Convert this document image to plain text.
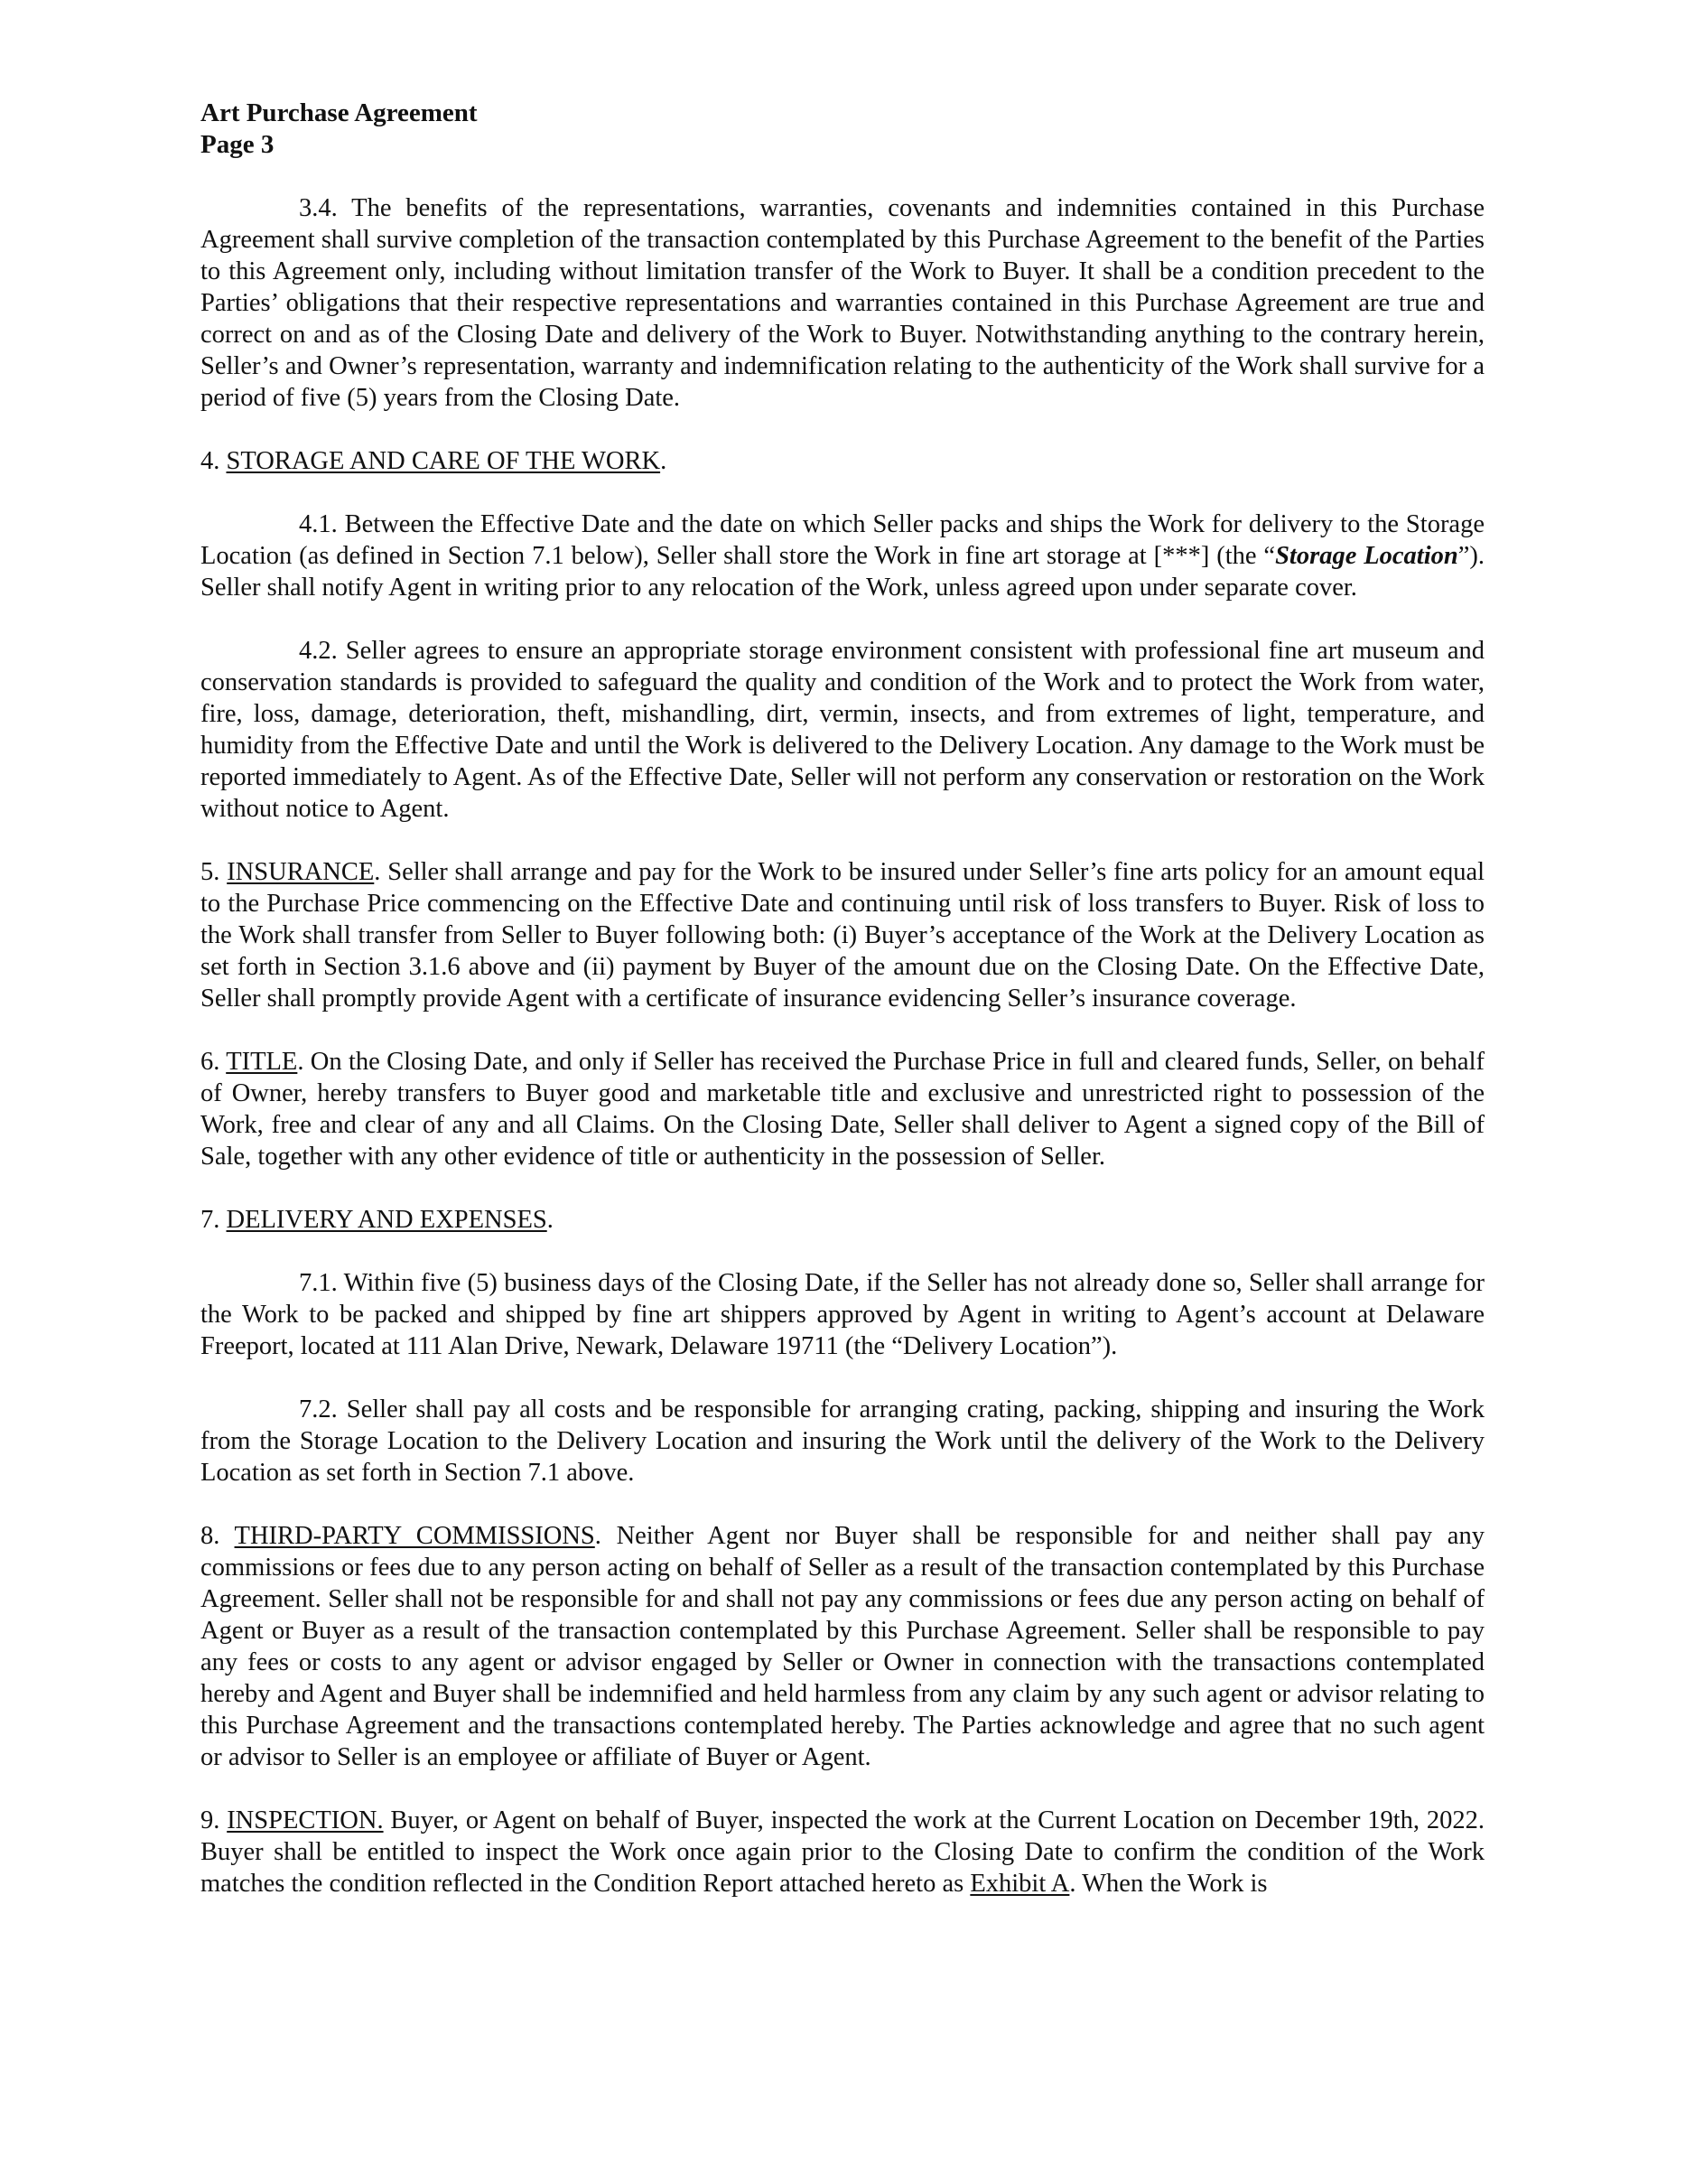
Art Purchase Agreement
Page 3

3.4. The benefits of the representations, warranties, covenants and indemnities contained in this Purchase Agreement shall survive completion of the transaction contemplated by this Purchase Agreement to the benefit of the Parties to this Agreement only, including without limitation transfer of the Work to Buyer. It shall be a condition precedent to the Parties’ obligations that their respective representations and warranties contained in this Purchase Agreement are true and correct on and as of the Closing Date and delivery of the Work to Buyer. Notwithstanding anything to the contrary herein, Seller’s and Owner’s representation, warranty and indemnification relating to the authenticity of the Work shall survive for a period of five (5) years from the Closing Date.

4. STORAGE AND CARE OF THE WORK.

4.1. Between the Effective Date and the date on which Seller packs and ships the Work for delivery to the Storage Location (as defined in Section 7.1 below), Seller shall store the Work in fine art storage at [***] (the “Storage Location”). Seller shall notify Agent in writing prior to any relocation of the Work, unless agreed upon under separate cover.

4.2. Seller agrees to ensure an appropriate storage environment consistent with professional fine art museum and conservation standards is provided to safeguard the quality and condition of the Work and to protect the Work from water, fire, loss, damage, deterioration, theft, mishandling, dirt, vermin, insects, and from extremes of light, temperature, and humidity from the Effective Date and until the Work is delivered to the Delivery Location. Any damage to the Work must be reported immediately to Agent. As of the Effective Date, Seller will not perform any conservation or restoration on the Work without notice to Agent.

5. INSURANCE. Seller shall arrange and pay for the Work to be insured under Seller’s fine arts policy for an amount equal to the Purchase Price commencing on the Effective Date and continuing until risk of loss transfers to Buyer. Risk of loss to the Work shall transfer from Seller to Buyer following both: (i) Buyer’s acceptance of the Work at the Delivery Location as set forth in Section 3.1.6 above and (ii) payment by Buyer of the amount due on the Closing Date. On the Effective Date, Seller shall promptly provide Agent with a certificate of insurance evidencing Seller’s insurance coverage.

6. TITLE. On the Closing Date, and only if Seller has received the Purchase Price in full and cleared funds, Seller, on behalf of Owner, hereby transfers to Buyer good and marketable title and exclusive and unrestricted right to possession of the Work, free and clear of any and all Claims. On the Closing Date, Seller shall deliver to Agent a signed copy of the Bill of Sale, together with any other evidence of title or authenticity in the possession of Seller.

7. DELIVERY AND EXPENSES.

7.1. Within five (5) business days of the Closing Date, if the Seller has not already done so, Seller shall arrange for the Work to be packed and shipped by fine art shippers approved by Agent in writing to Agent’s account at Delaware Freeport, located at 111 Alan Drive, Newark, Delaware 19711 (the “Delivery Location”).

7.2. Seller shall pay all costs and be responsible for arranging crating, packing, shipping and insuring the Work from the Storage Location to the Delivery Location and insuring the Work until the delivery of the Work to the Delivery Location as set forth in Section 7.1 above.

8. THIRD-PARTY COMMISSIONS. Neither Agent nor Buyer shall be responsible for and neither shall pay any commissions or fees due to any person acting on behalf of Seller as a result of the transaction contemplated by this Purchase Agreement. Seller shall not be responsible for and shall not pay any commissions or fees due any person acting on behalf of Agent or Buyer as a result of the transaction contemplated by this Purchase Agreement. Seller shall be responsible to pay any fees or costs to any agent or advisor engaged by Seller or Owner in connection with the transactions contemplated hereby and Agent and Buyer shall be indemnified and held harmless from any claim by any such agent or advisor relating to this Purchase Agreement and the transactions contemplated hereby. The Parties acknowledge and agree that no such agent or advisor to Seller is an employee or affiliate of Buyer or Agent.

9. INSPECTION. Buyer, or Agent on behalf of Buyer, inspected the work at the Current Location on December 19th, 2022. Buyer shall be entitled to inspect the Work once again prior to the Closing Date to confirm the condition of the Work matches the condition reflected in the Condition Report attached hereto as Exhibit A. When the Work is
